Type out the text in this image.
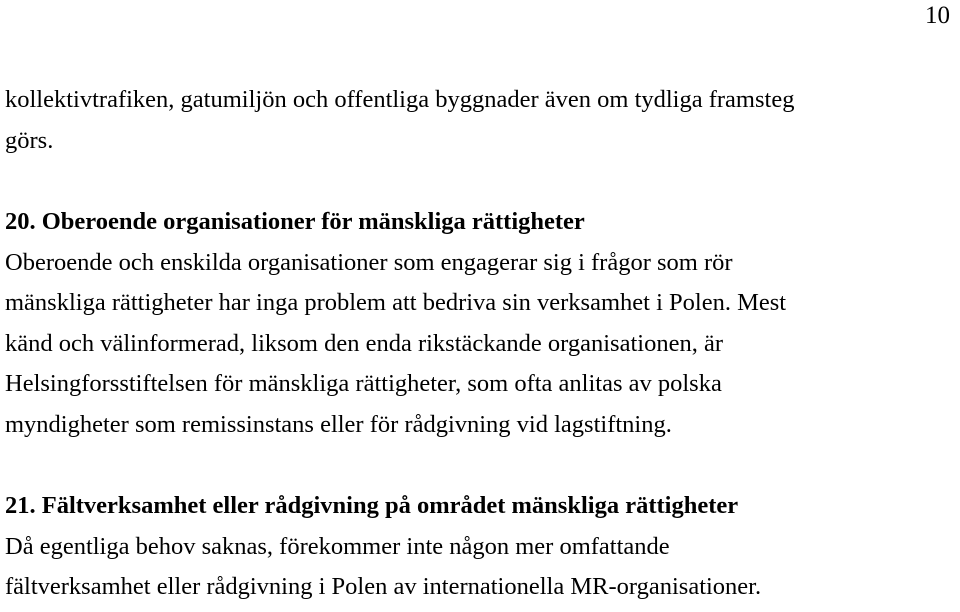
10

kollektivtrafiken, gatumiljön och offentliga byggnader även om tydliga framsteg

görs.

20. Oberoende organisationer för mänskliga rättigheter

Oberoende och enskilda organisationer som engagerar sig i frågor som rör

mänskliga rättigheter har inga problem att bedriva sin verksamhet i Polen. Mest

känd och välinformerad, liksom den enda rikstäckande organisationen, är

Helsingforsstiftelsen för mänskliga rättigheter, som ofta anlitas av polska

myndigheter som remissinstans eller för rådgivning vid lagstiftning.

21. Fältverksamhet eller rådgivning på området mänskliga rättigheter

Då egentliga behov saknas, förekommer inte någon mer omfattande

fältverksamhet eller rådgivning i Polen av internationella MR-organisationer.
